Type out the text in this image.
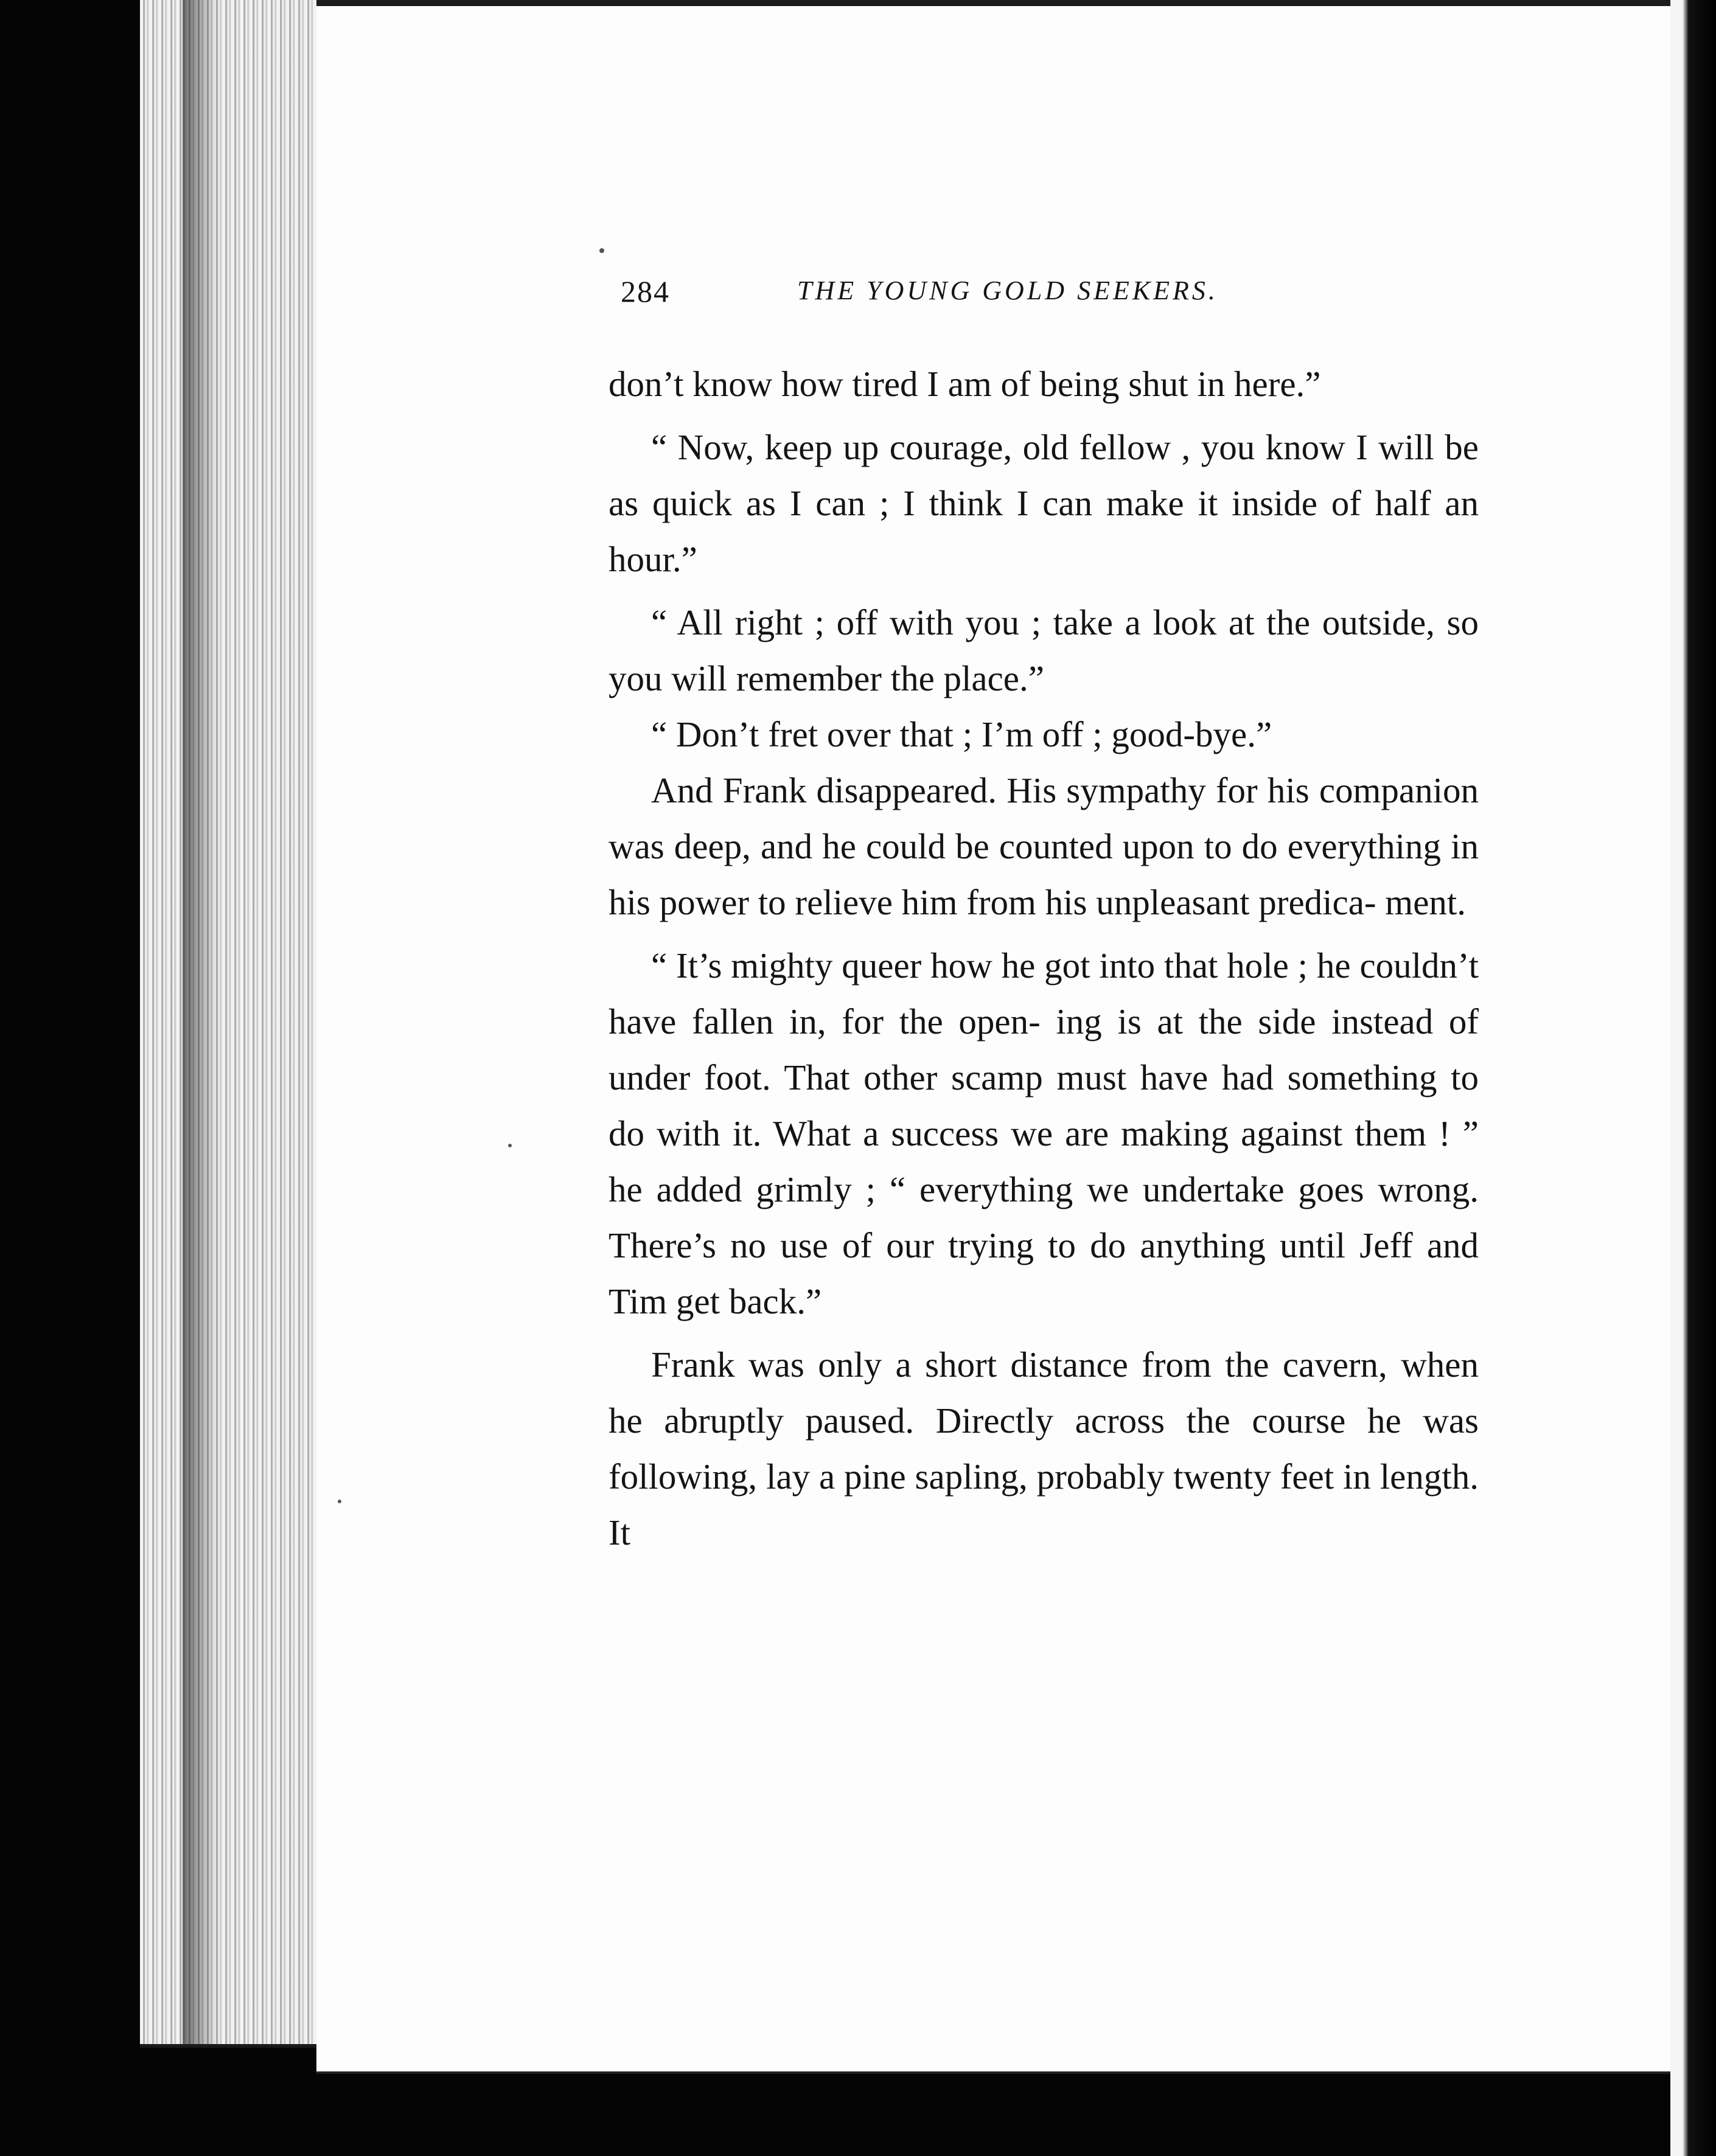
284	THE YOUNG GOLD SEEKERS.

don’t know how tired I am of being shut in here.”

“ Now, keep up courage, old fellow , you know I will be as quick as I can ; I think I can make it inside of half an hour.”

“ All right ; off with you ; take a look at the outside, so you will remember the place.”

“ Don’t fret over that ; I’m off ; good-bye.”

And Frank disappeared. His sympathy for his companion was deep, and he could be counted upon to do everything in his power to relieve him from his unpleasant predica- ment.

“ It’s mighty queer how he got into that hole ; he couldn’t have fallen in, for the open- ing is at the side instead of under foot. That other scamp must have had something to do with it. What a success we are making against them ! ” he added grimly ; “ everything we undertake goes wrong. There’s no use of our trying to do anything until Jeff and Tim get back.”

Frank was only a short distance from the cavern, when he abruptly paused. Directly across the course he was following, lay a pine sapling, probably twenty feet in length. It
